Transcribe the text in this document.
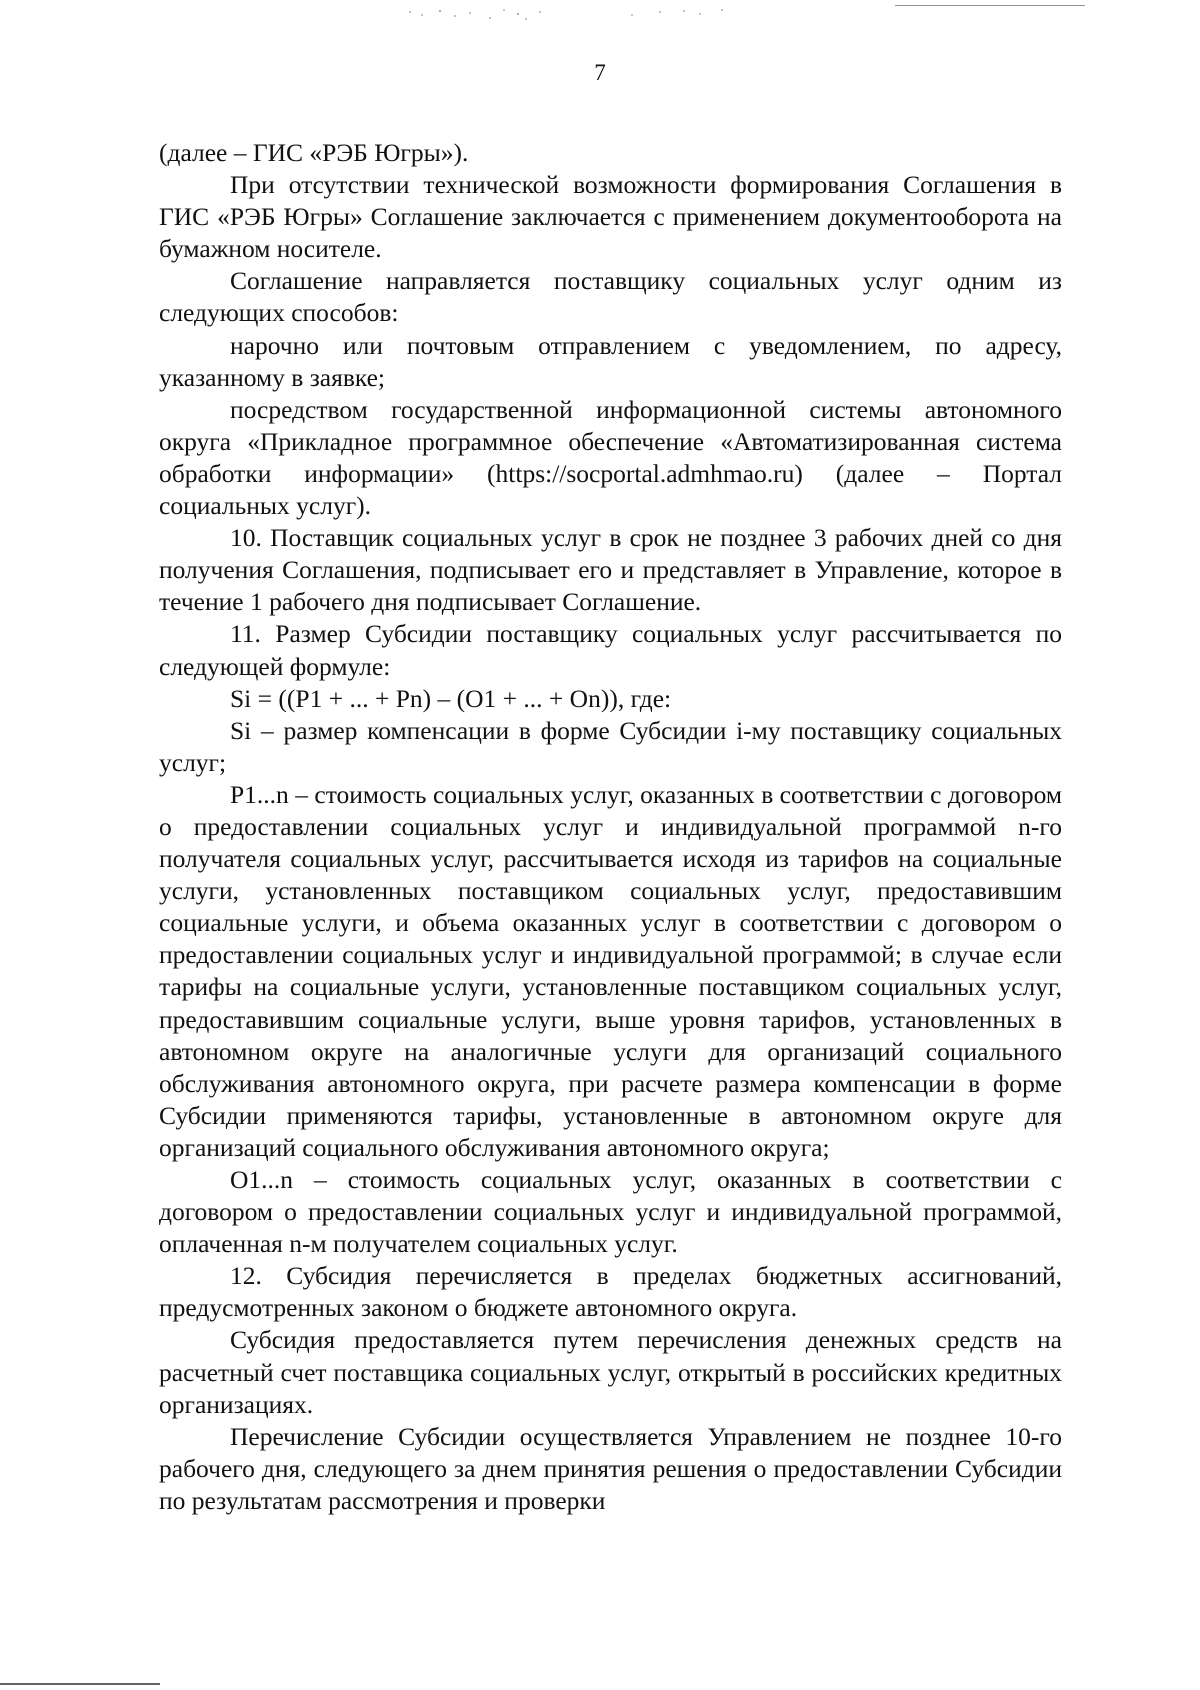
7

(далее – ГИС «РЭБ Югры»).

При отсутствии технической возможности формирования Соглашения в ГИС «РЭБ Югры» Соглашение заключается с применением документооборота на бумажном носителе.

Соглашение направляется поставщику социальных услуг одним из следующих способов:

нарочно или почтовым отправлением с уведомлением, по адресу, указанному в заявке;

посредством государственной информационной системы автономного округа «Прикладное программное обеспечение «Автоматизированная система обработки информации» (https://socportal.admhmao.ru) (далее – Портал социальных услуг).

10. Поставщик социальных услуг в срок не позднее 3 рабочих дней со дня получения Соглашения, подписывает его и представляет в Управление, которое в течение 1 рабочего дня подписывает Соглашение.

11. Размер Субсидии поставщику социальных услуг рассчитывается по следующей формуле:

Si = ((P1 + ... + Pn) – (O1 + ... + On)), где:

Si – размер компенсации в форме Субсидии i-му поставщику социальных услуг;

P1...n – стоимость социальных услуг, оказанных в соответствии с договором о предоставлении социальных услуг и индивидуальной программой n-го получателя социальных услуг, рассчитывается исходя из тарифов на социальные услуги, установленных поставщиком социальных услуг, предоставившим социальные услуги, и объема оказанных услуг в соответствии с договором о предоставлении социальных услуг и индивидуальной программой; в случае если тарифы на социальные услуги, установленные поставщиком социальных услуг, предоставившим социальные услуги, выше уровня тарифов, установленных в автономном округе на аналогичные услуги для организаций социального обслуживания автономного округа, при расчете размера компенсации в форме Субсидии применяются тарифы, установленные в автономном округе для организаций социального обслуживания автономного округа;

O1...n – стоимость социальных услуг, оказанных в соответствии с договором о предоставлении социальных услуг и индивидуальной программой, оплаченная n-м получателем социальных услуг.

12. Субсидия перечисляется в пределах бюджетных ассигнований, предусмотренных законом о бюджете автономного округа.

Субсидия предоставляется путем перечисления денежных средств на расчетный счет поставщика социальных услуг, открытый в российских кредитных организациях.

Перечисление Субсидии осуществляется Управлением не позднее 10-го рабочего дня, следующего за днем принятия решения о предоставлении Субсидии по результатам рассмотрения и проверки
